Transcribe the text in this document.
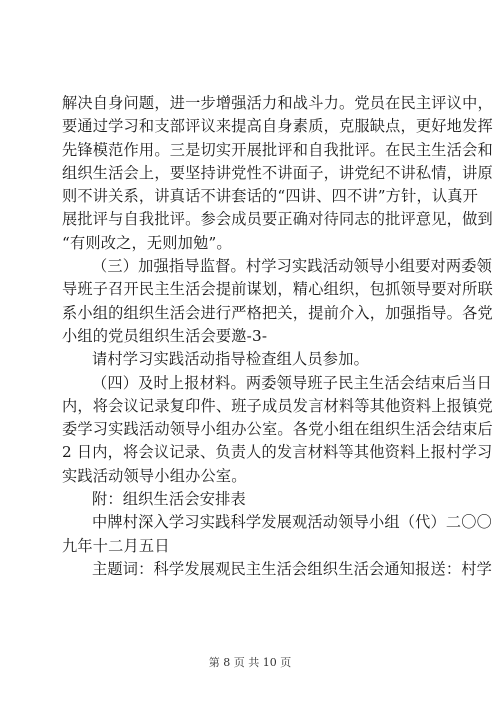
解决自身问题，进一步增强活力和战斗力。党员在民主评议中，
要通过学习和支部评议来提高自身素质，克服缺点，更好地发挥
先锋模范作用。三是切实开展批评和自我批评。在民主生活会和
组织生活会上，要坚持讲党性不讲面子，讲党纪不讲私情，讲原
则不讲关系，讲真话不讲套话的“四讲、四不讲”方针，认真开
展批评与自我批评。参会成员要正确对待同志的批评意见，做到
“有则改之，无则加勉”。
（三）加强指导监督。村学习实践活动领导小组要对两委领
导班子召开民主生活会提前谋划，精心组织，包抓领导要对所联
系小组的组织生活会进行严格把关，提前介入，加强指导。各党
小组的党员组织生活会要邀-3-
请村学习实践活动指导检查组人员参加。
（四）及时上报材料。两委领导班子民主生活会结束后当日
内，将会议记录复印件、班子成员发言材料等其他资料上报镇党
委学习实践活动领导小组办公室。各党小组在组织生活会结束后
2 日内，将会议记录、负责人的发言材料等其他资料上报村学习
实践活动领导小组办公室。
附：组织生活会安排表
中牌村深入学习实践科学发展观活动领导小组（代）二〇〇
九年十二月五日
主题词：科学发展观民主生活会组织生活会通知报送：村学
第 8 页 共 10 页
